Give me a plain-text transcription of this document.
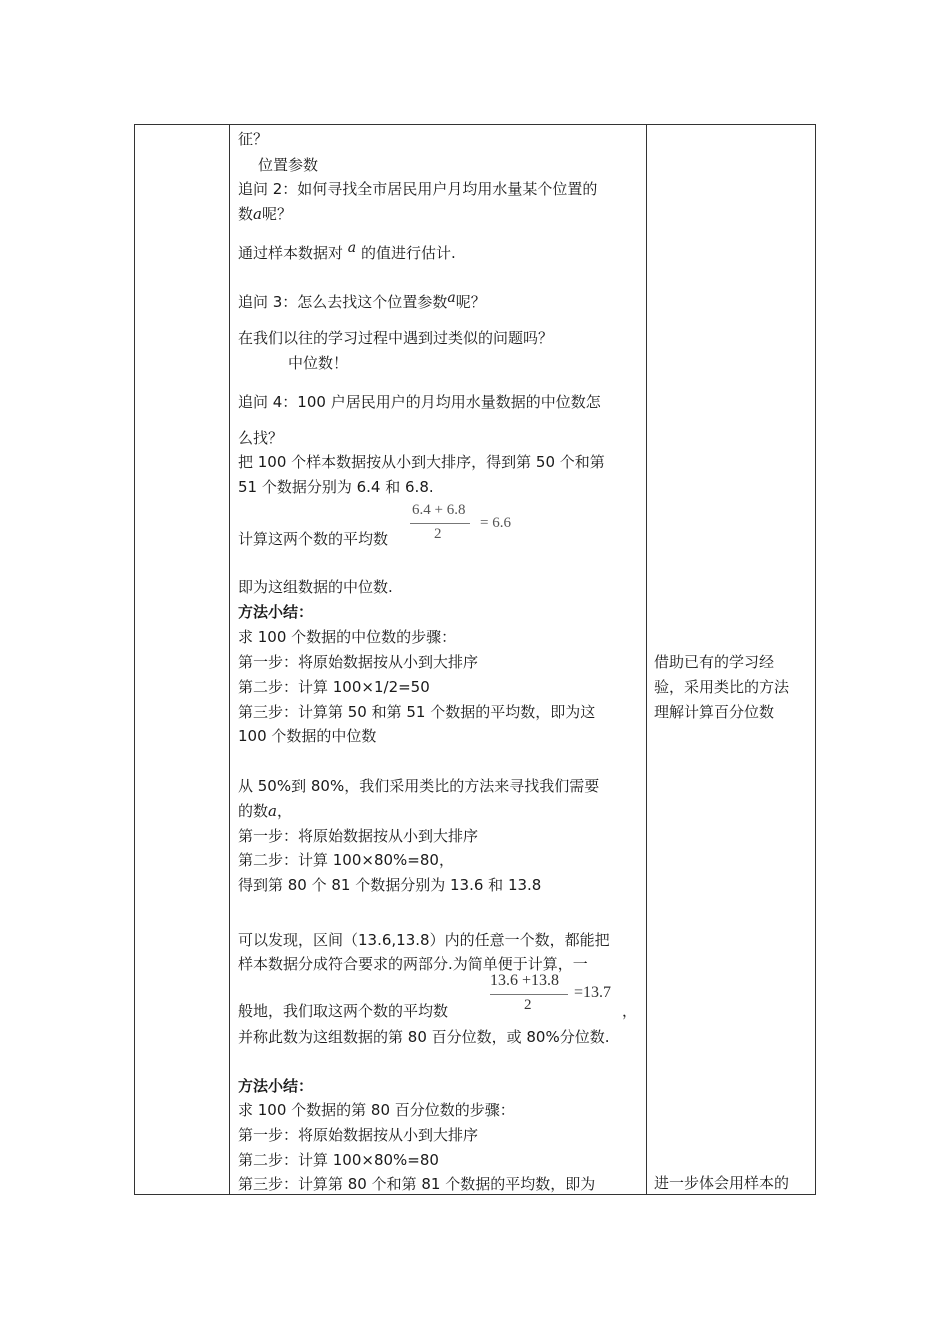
征？
位置参数
追问 2：如何寻找全市居民用户月均用水量某个位置的
数a呢？
通过样本数据对 a 的值进行估计.
追问 3：怎么去找这个位置参数a呢？
在我们以往的学习过程中遇到过类似的问题吗？
中位数！
追问 4：100 户居民用户的月均用水量数据的中位数怎
么找？
把 100 个样本数据按从小到大排序，得到第 50 个和第
51 个数据分别为 6.4 和 6.8.
6.4 + 6.8
2
= 6.6
计算这两个数的平均数
即为这组数据的中位数.
方法小结：
求 100 个数据的中位数的步骤：
第一步：将原始数据按从小到大排序
第二步：计算 100×1/2=50
第三步：计算第 50 和第 51 个数据的平均数，即为这
100 个数据的中位数
从 50%到 80%，我们采用类比的方法来寻找我们需要
的数a，
第一步：将原始数据按从小到大排序
第二步：计算 100×80%=80，
得到第 80 个 81 个数据分别为 13.6 和 13.8
可以发现，区间（13.6,13.8）内的任意一个数，都能把
样本数据分成符合要求的两部分.为简单便于计算，一
13.6 +13.8
2
=13.7
般地，我们取这两个数的平均数	，
并称此数为这组数据的第 80 百分位数，或 80%分位数.
方法小结：
求 100 个数据的第 80 百分位数的步骤：
第一步：将原始数据按从小到大排序
第二步：计算 100×80%=80
第三步：计算第 80 个和第 81 个数据的平均数，即为
借助已有的学习经
验，采用类比的方法
理解计算百分位数
进一步体会用样本的
